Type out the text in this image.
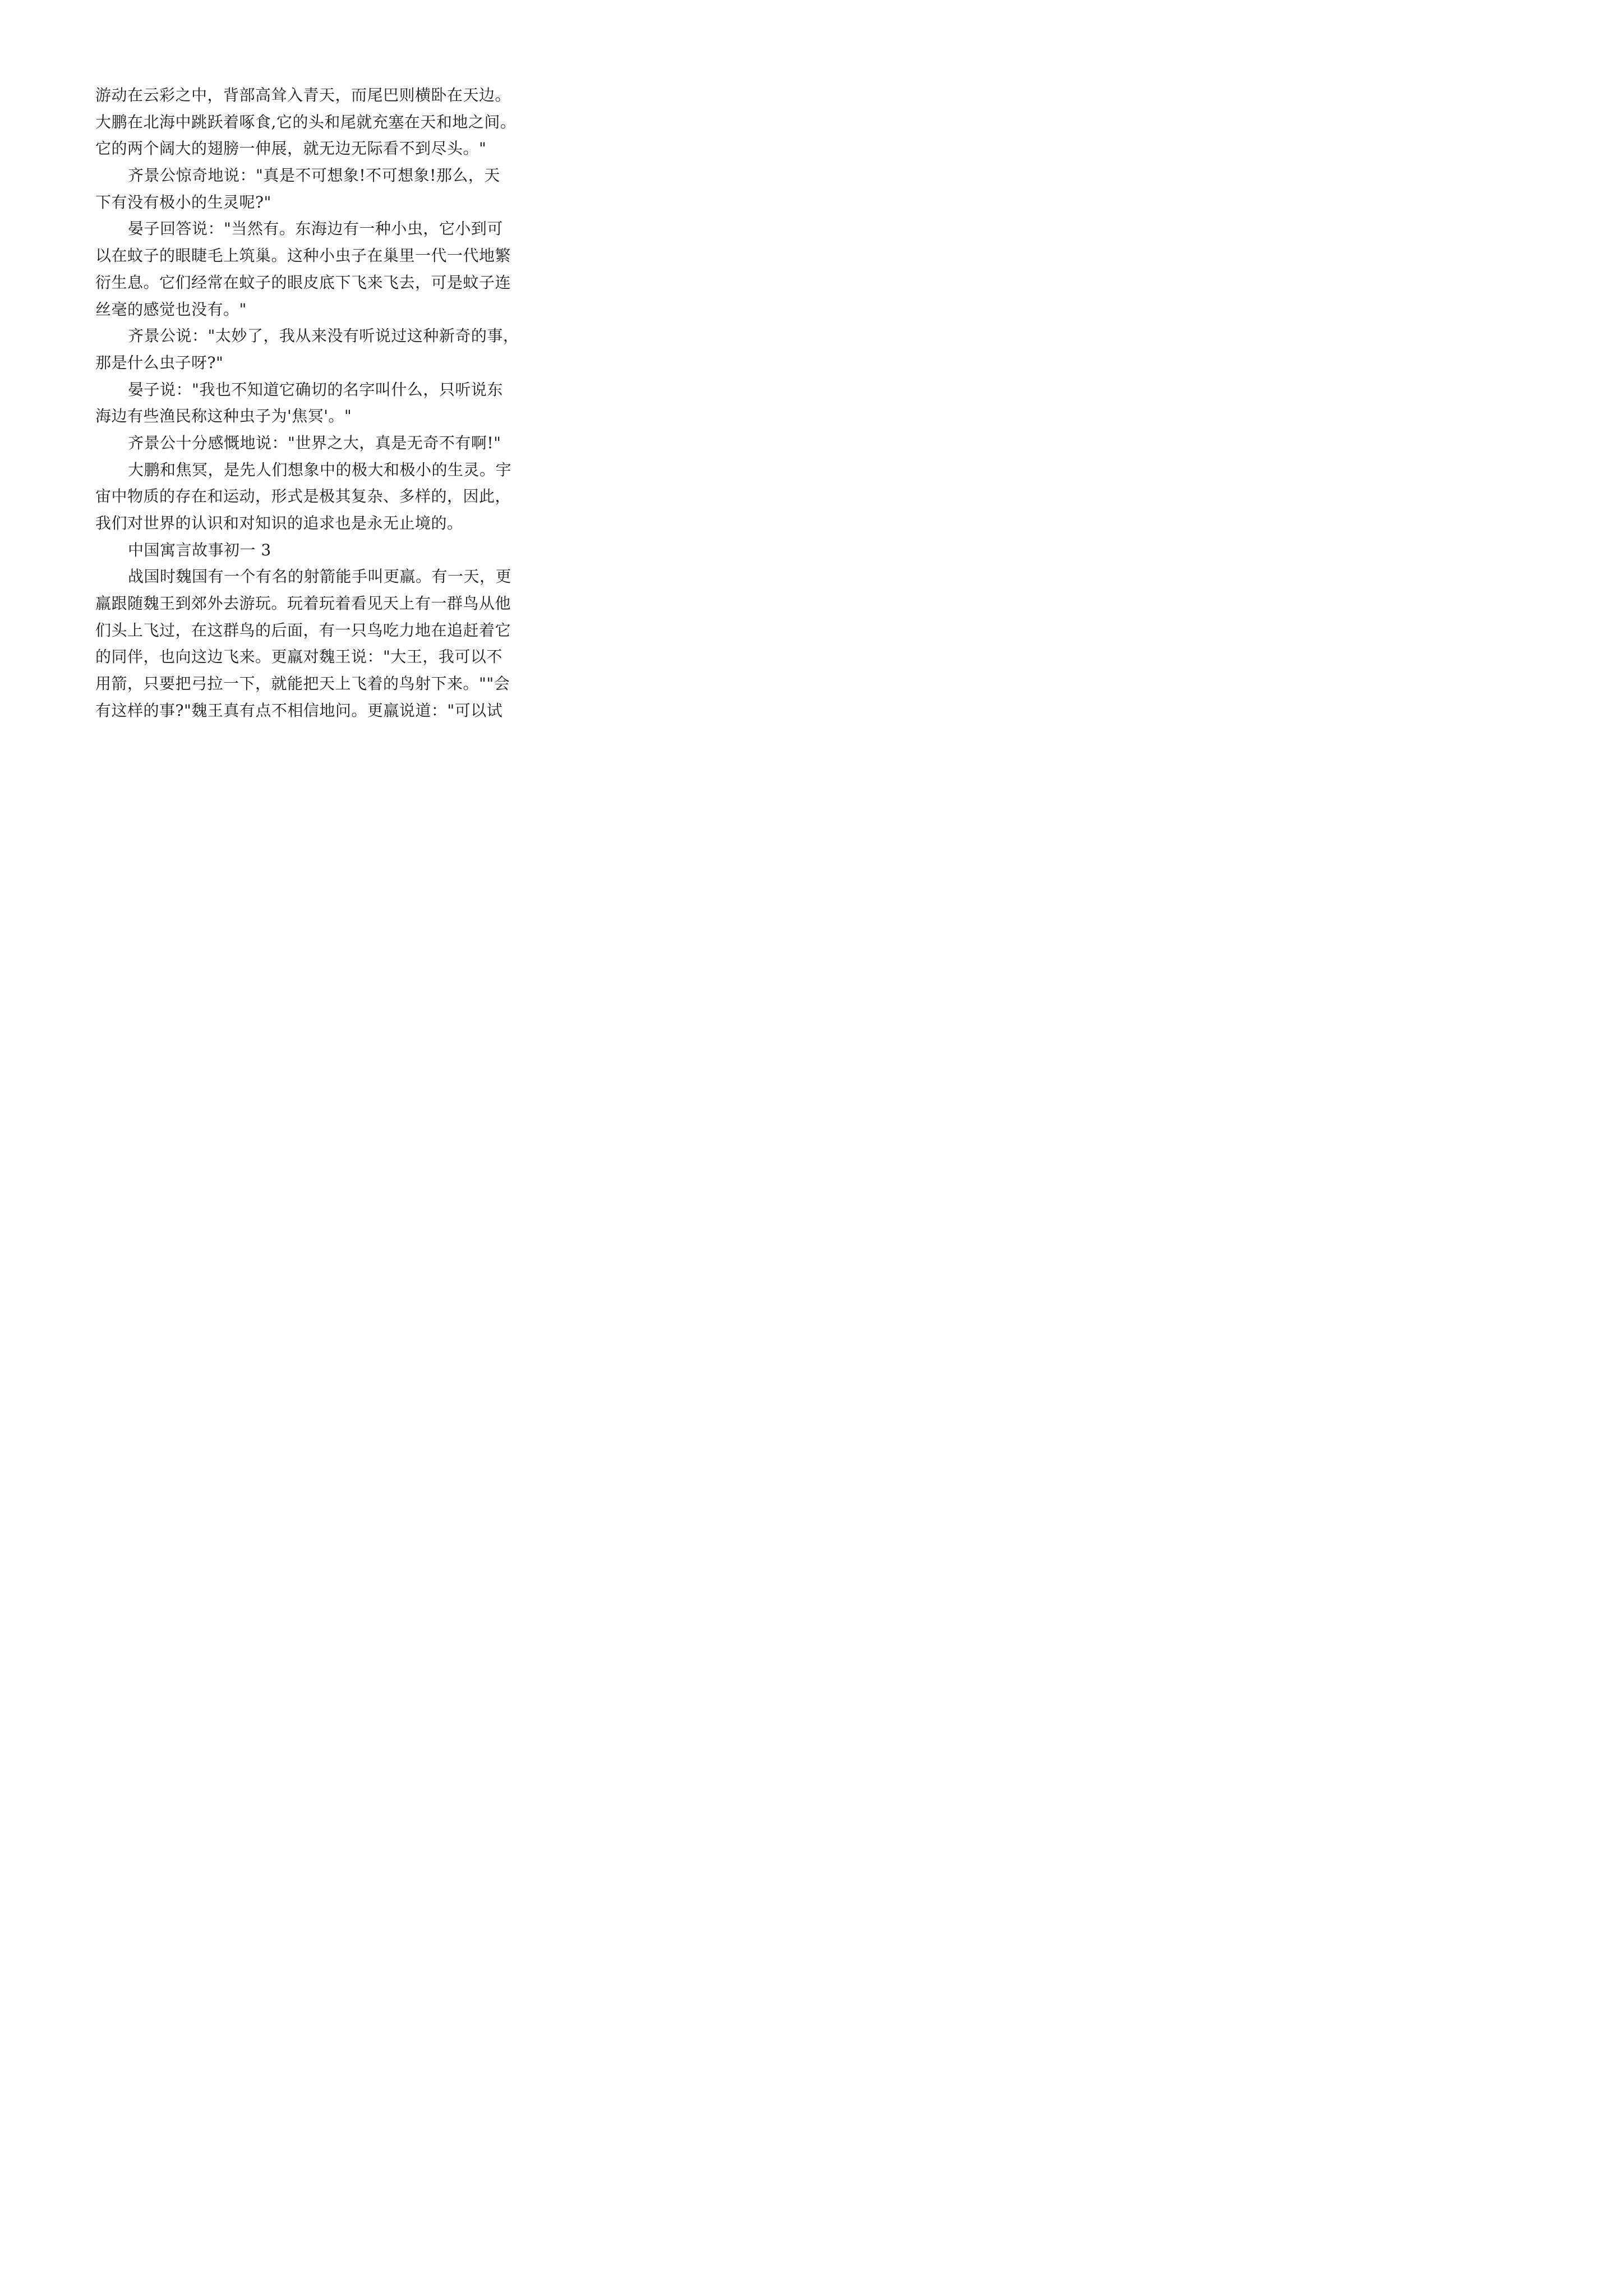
游动在云彩之中，背部高耸入青天，而尾巴则横卧在天边。
大鹏在北海中跳跃着啄食,它的头和尾就充塞在天和地之间。
它的两个阔大的翅膀一伸展，就无边无际看不到尽头。"
齐景公惊奇地说："真是不可想象!不可想象!那么，天
下有没有极小的生灵呢?"
晏子回答说："当然有。东海边有一种小虫，它小到可
以在蚊子的眼睫毛上筑巢。这种小虫子在巢里一代一代地繁
衍生息。它们经常在蚊子的眼皮底下飞来飞去，可是蚊子连
丝毫的感觉也没有。"
齐景公说："太妙了，我从来没有听说过这种新奇的事，
那是什么虫子呀?"
晏子说："我也不知道它确切的名字叫什么，只听说东
海边有些渔民称这种虫子为'焦冥'。"
齐景公十分感慨地说："世界之大，真是无奇不有啊!"
大鹏和焦冥，是先人们想象中的极大和极小的生灵。宇
宙中物质的存在和运动，形式是极其复杂、多样的，因此，
我们对世界的认识和对知识的追求也是永无止境的。
中国寓言故事初一 3
战国时魏国有一个有名的射箭能手叫更羸。有一天，更
羸跟随魏王到郊外去游玩。玩着玩着看见天上有一群鸟从他
们头上飞过，在这群鸟的后面，有一只鸟吃力地在追赶着它
的同伴，也向这边飞来。更羸对魏王说："大王，我可以不
用箭，只要把弓拉一下，就能把天上飞着的鸟射下来。""会
有这样的事?"魏王真有点不相信地问。更羸说道："可以试
